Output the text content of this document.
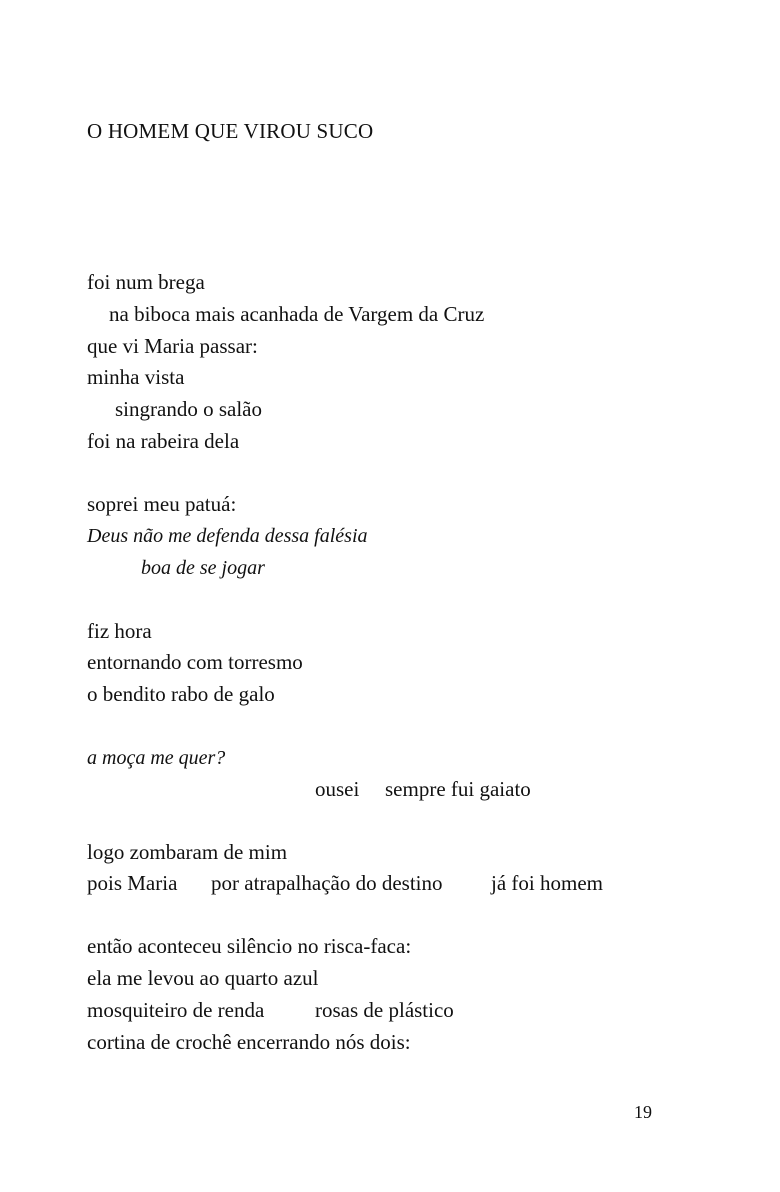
O HOMEM QUE VIROU SUCO
foi num brega
na biboca mais acanhada de Vargem da Cruz
que vi Maria passar:
minha vista
singrando o salão
foi na rabeira dela
soprei meu patuá:
Deus não me defenda dessa falésia
boa de se jogar
fiz hora
entornando com torresmo
o bendito rabo de galo
a moça me quer?
ousei sempre fui gaiato
logo zombaram de mim
pois Maria por atrapalhação do destino já foi homem
então aconteceu silêncio no risca-faca:
ela me levou ao quarto azul
mosquiteiro de renda rosas de plástico
cortina de crochê encerrando nós dois:
19
